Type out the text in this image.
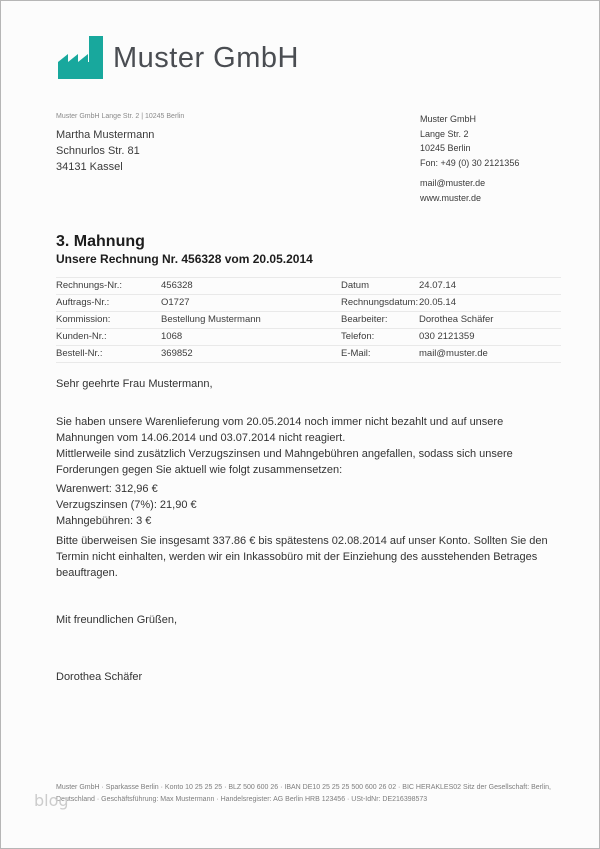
Muster GmbH
Muster GmbH Lange Str. 2 | 10245 Berlin
Martha Mustermann
Schnurlos Str. 81
34131 Kassel
Muster GmbH
Lange Str. 2
10245 Berlin
Fon: +49 (0) 30 2121356
mail@muster.de
www.muster.de
3. Mahnung
Unsere Rechnung Nr. 456328 vom 20.05.2014
Rechnungs-Nr.:	456328	Datum	24.07.14
Auftrags-Nr.:	O1727	Rechnungsdatum: 20.05.14
Kommission:	Bestellung Mustermann	Bearbeiter:	Dorothea Schäfer
Kunden-Nr.:	1068	Telefon:	030 2121359
Bestell-Nr.:	369852	E-Mail:	mail@muster.de
Sehr geehrte Frau Mustermann,
Sie haben unsere Warenlieferung vom 20.05.2014 noch immer nicht bezahlt und auf unsere Mahnungen vom 14.06.2014 und 03.07.2014 nicht reagiert.
Mittlerweile sind zusätzlich Verzugszinsen und Mahngebühren angefallen, sodass sich unsere Forderungen gegen Sie aktuell wie folgt zusammensetzen:
Warenwert: 312,96 €
Verzugszinsen (7%): 21,90 €
Mahngebühren: 3 €
Bitte überweisen Sie insgesamt 337.86 € bis spätestens 02.08.2014 auf unser Konto. Sollten Sie den Termin nicht einhalten, werden wir ein Inkassobüro mit der Einziehung des ausstehenden Betrages beauftragen.
Mit freundlichen Grüßen,
Dorothea Schäfer
Muster GmbH · Sparkasse Berlin · Konto 10 25 25 25 · BLZ 500 600 26 · IBAN DE10 25 25 25 500 600 26 02 · BIC HERAKLES02 Sitz der Gesellschaft: Berlin,
Deutschland · Geschäftsführung: Max Mustermann · Handelsregister: AG Berlin HRB 123456 · USt-IdNr: DE216398573
blog
